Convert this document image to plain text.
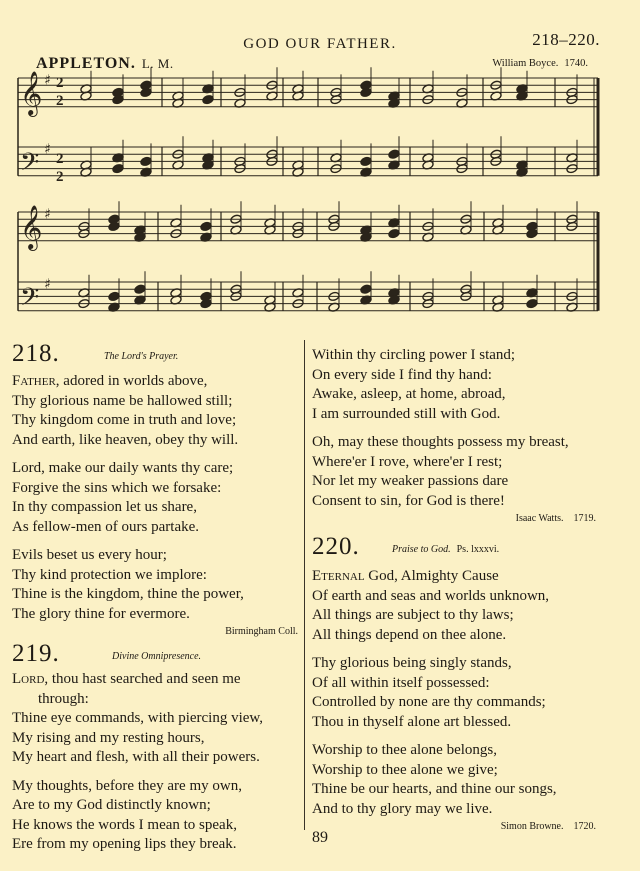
GOD OUR FATHER.	218–220.
APPLETON. L. M.	William Boyce. 1740.
𝄞 ♯
𝄢 ♯
𝄞 ♯
𝄢 ♯
2
2
2
2
218.	The Lord's Prayer.
Father, adored in worlds above,
Thy glorious name be hallowed still;
Thy kingdom come in truth and love;
And earth, like heaven, obey thy will.
Lord, make our daily wants thy care;
Forgive the sins which we forsake:
In thy compassion let us share,
As fellow-men of ours partake.
Evils beset us every hour;
Thy kind protection we implore:
Thine is the kingdom, thine the power,
The glory thine for evermore.
Birmingham Coll.
219.	Divine Omnipresence.
Lord, thou hast searched and seen me
through:
Thine eye commands, with piercing view,
My rising and my resting hours,
My heart and flesh, with all their powers.
My thoughts, before they are my own,
Are to my God distinctly known;
He knows the words I mean to speak,
Ere from my opening lips they break.
Within thy circling power I stand;
On every side I find thy hand:
Awake, asleep, at home, abroad,
I am surrounded still with God.
Oh, may these thoughts possess my breast,
Where'er I rove, where'er I rest;
Nor let my weaker passions dare
Consent to sin, for God is there!
Isaac Watts. 1719.
220.	Praise to God. Ps. lxxxvi.
Eternal God, Almighty Cause
Of earth and seas and worlds unknown,
All things are subject to thy laws;
All things depend on thee alone.
Thy glorious being singly stands,
Of all within itself possessed:
Controlled by none are thy commands;
Thou in thyself alone art blessed.
Worship to thee alone belongs,
Worship to thee alone we give;
Thine be our hearts, and thine our songs,
And to thy glory may we live.
Simon Browne. 1720.
89
